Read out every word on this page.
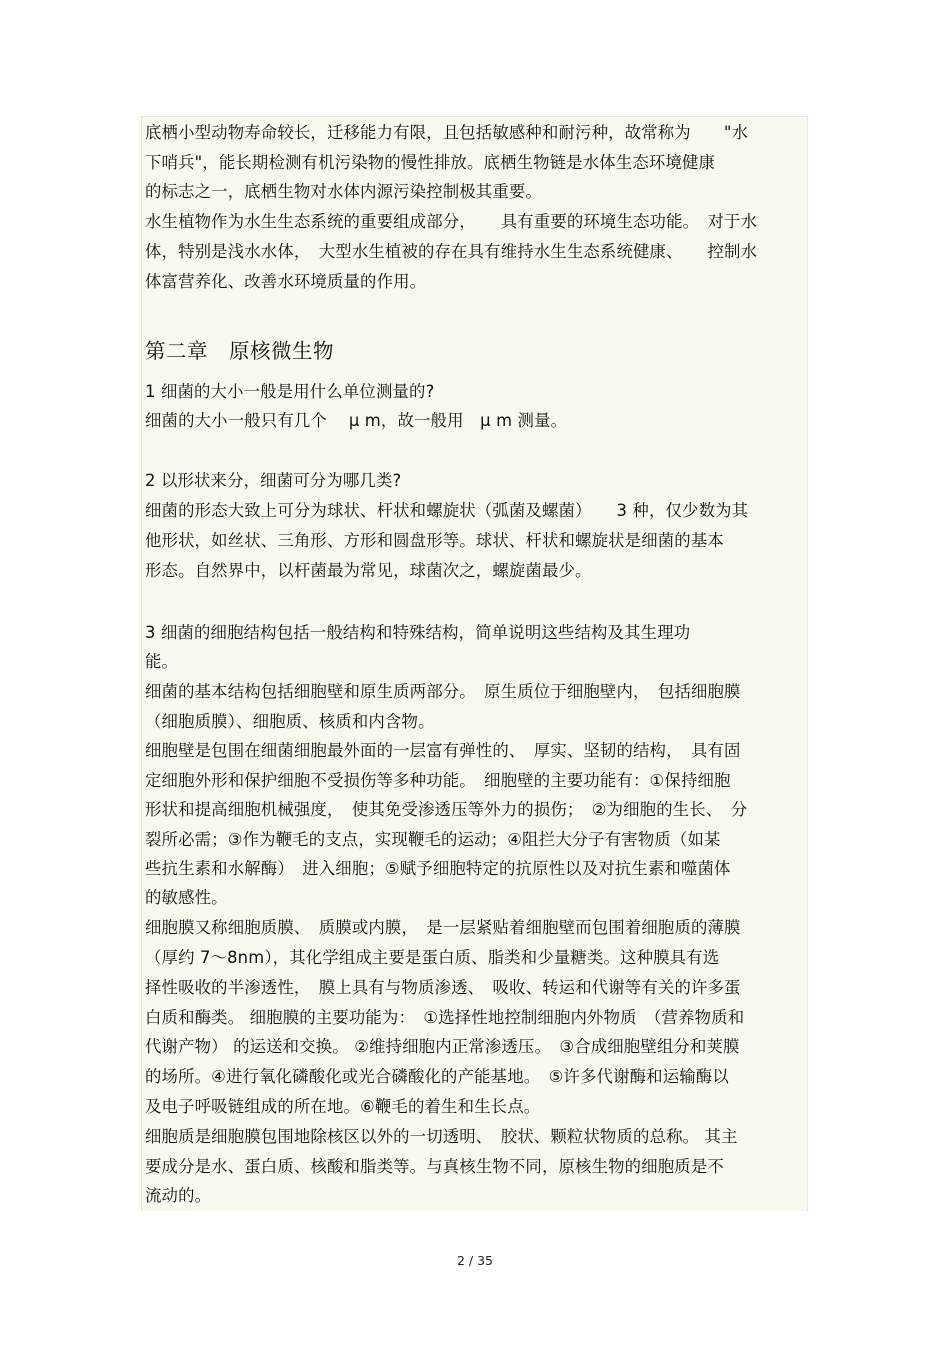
底栖小型动物寿命较长，迁移能力有限，且包括敏感种和耐污种，故常称为　　"水
下哨兵"，能长期检测有机污染物的慢性排放。底栖生物链是水体生态环境健康
的标志之一，底栖生物对水体内源污染控制极其重要。
水生植物作为水生生态系统的重要组成部分，　　具有重要的环境生态功能。　对于水
体，特别是浅水水体，　大型水生植被的存在具有维持水生生态系统健康、　　控制水
体富营养化、改善水环境质量的作用。
第二章　原核微生物
1 细菌的大小一般是用什么单位测量的?
细菌的大小一般只有几个　 μ m，故一般用　μ m 测量。
2 以形状来分，细菌可分为哪几类?
细菌的形态大致上可分为球状、杆状和螺旋状（弧菌及螺菌）　　3 种，仅少数为其
他形状，如丝状、三角形、方形和圆盘形等。球状、杆状和螺旋状是细菌的基本
形态。自然界中，以杆菌最为常见，球菌次之，螺旋菌最少。
3 细菌的细胞结构包括一般结构和特殊结构，简单说明这些结构及其生理功
能。
细菌的基本结构包括细胞壁和原生质两部分。　原生质位于细胞壁内，　包括细胞膜
（细胞质膜）、细胞质、核质和内含物。
细胞壁是包围在细菌细胞最外面的一层富有弹性的、　厚实、坚韧的结构，　具有固
定细胞外形和保护细胞不受损伤等多种功能。　细胞壁的主要功能有：①保持细胞
形状和提高细胞机械强度，　使其免受渗透压等外力的损伤；　②为细胞的生长、　分
裂所必需；③作为鞭毛的支点，实现鞭毛的运动；④阻拦大分子有害物质（如某
些抗生素和水解酶）　进入细胞；⑤赋予细胞特定的抗原性以及对抗生素和噬菌体
的敏感性。
细胞膜又称细胞质膜、　质膜或内膜，　是一层紧贴着细胞壁而包围着细胞质的薄膜
（厚约 7～8nm），其化学组成主要是蛋白质、脂类和少量糖类。这种膜具有选
择性吸收的半渗透性，　膜上具有与物质渗透、　吸收、转运和代谢等有关的许多蛋
白质和酶类。 细胞膜的主要功能为：　①选择性地控制细胞内外物质　（营养物质和
代谢产物） 的运送和交换。 ②维持细胞内正常渗透压。　③合成细胞壁组分和荚膜
的场所。④进行氧化磷酸化或光合磷酸化的产能基地。　⑤许多代谢酶和运输酶以
及电子呼吸链组成的所在地。⑥鞭毛的着生和生长点。
细胞质是细胞膜包围地除核区以外的一切透明、　胶状、颗粒状物质的总称。 其主
要成分是水、蛋白质、核酸和脂类等。与真核生物不同，原核生物的细胞质是不
流动的。
2 / 35
